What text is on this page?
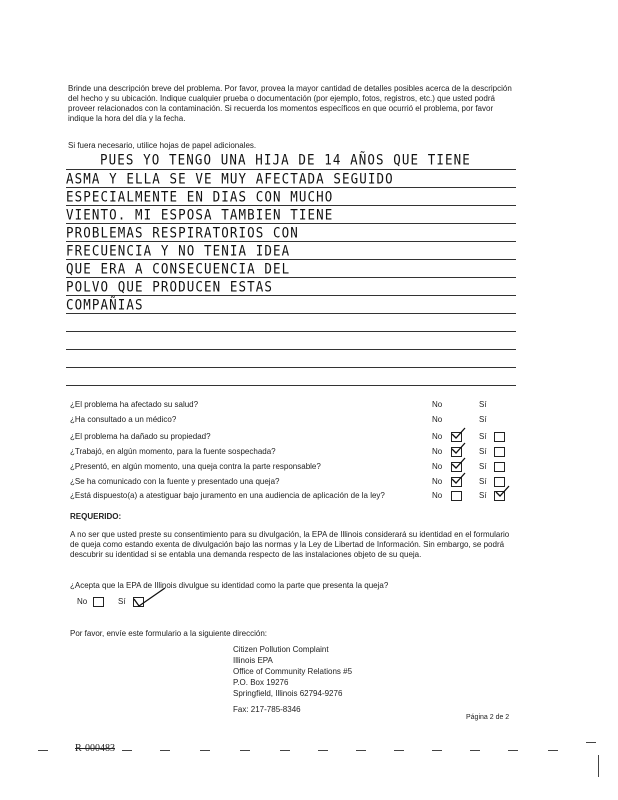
Brinde una descripción breve del problema. Por favor, provea la mayor cantidad de detalles posibles acerca de la descripción del hecho y su ubicación. Indique cualquier prueba o documentación (por ejemplo, fotos, registros, etc.) que usted podrá proveer relacionados con la contaminación. Si recuerda los momentos específicos en que ocurrió el problema, por favor indique la hora del día y la fecha.
Si fuera necesario, utilice hojas de papel adicionales.
PUES YO TENGO UNA HIJA DE 14 AÑOS QUE TIENE
ASMA Y ELLA SE VE MUY AFECTADA SEGUIDO
ESPECIALMENTE EN DIAS CON MUCHO
VIENTO. MI ESPOSA TAMBIEN TIENE
PROBLEMAS RESPIRATORIOS CON
FRECUENCIA Y NO TENIA IDEA
QUE ERA A CONSECUENCIA DEL
POLVO QUE PRODUCEN ESTAS
COMPAÑIAS
¿El problema ha afectado su salud?	No	Sí
¿Ha consultado a un médico?	No	Sí
¿El problema ha dañado su propiedad?	No	Sí
¿Trabajó, en algún momento, para la fuente sospechada?	No	Sí
¿Presentó, en algún momento, una queja contra la parte responsable?	No	Sí
¿Se ha comunicado con la fuente y presentado una queja?	No	Sí
¿Está dispuesto(a) a atestiguar bajo juramento en una audiencia de aplicación de la ley?	No	Sí
REQUERIDO:
A no ser que usted preste su consentimiento para su divulgación, la EPA de Illinois considerará su identidad en el formulario de queja como estando exenta de divulgación bajo las normas y la Ley de Libertad de Información. Sin embargo, se podrá descubrir su identidad si se entabla una demanda respecto de las instalaciones objeto de su queja.
¿Acepta que la EPA de Illinois divulgue su identidad como la parte que presenta la queja?
No	Sí
Por favor, envíe este formulario a la siguiente dirección:
Citizen Pollution Complaint
Illinois EPA
Office of Community Relations #5
P.O. Box 19276
Springfield, Illinois 62794-9276
Fax: 217-785-8346
Página 2 de 2
R-000483
